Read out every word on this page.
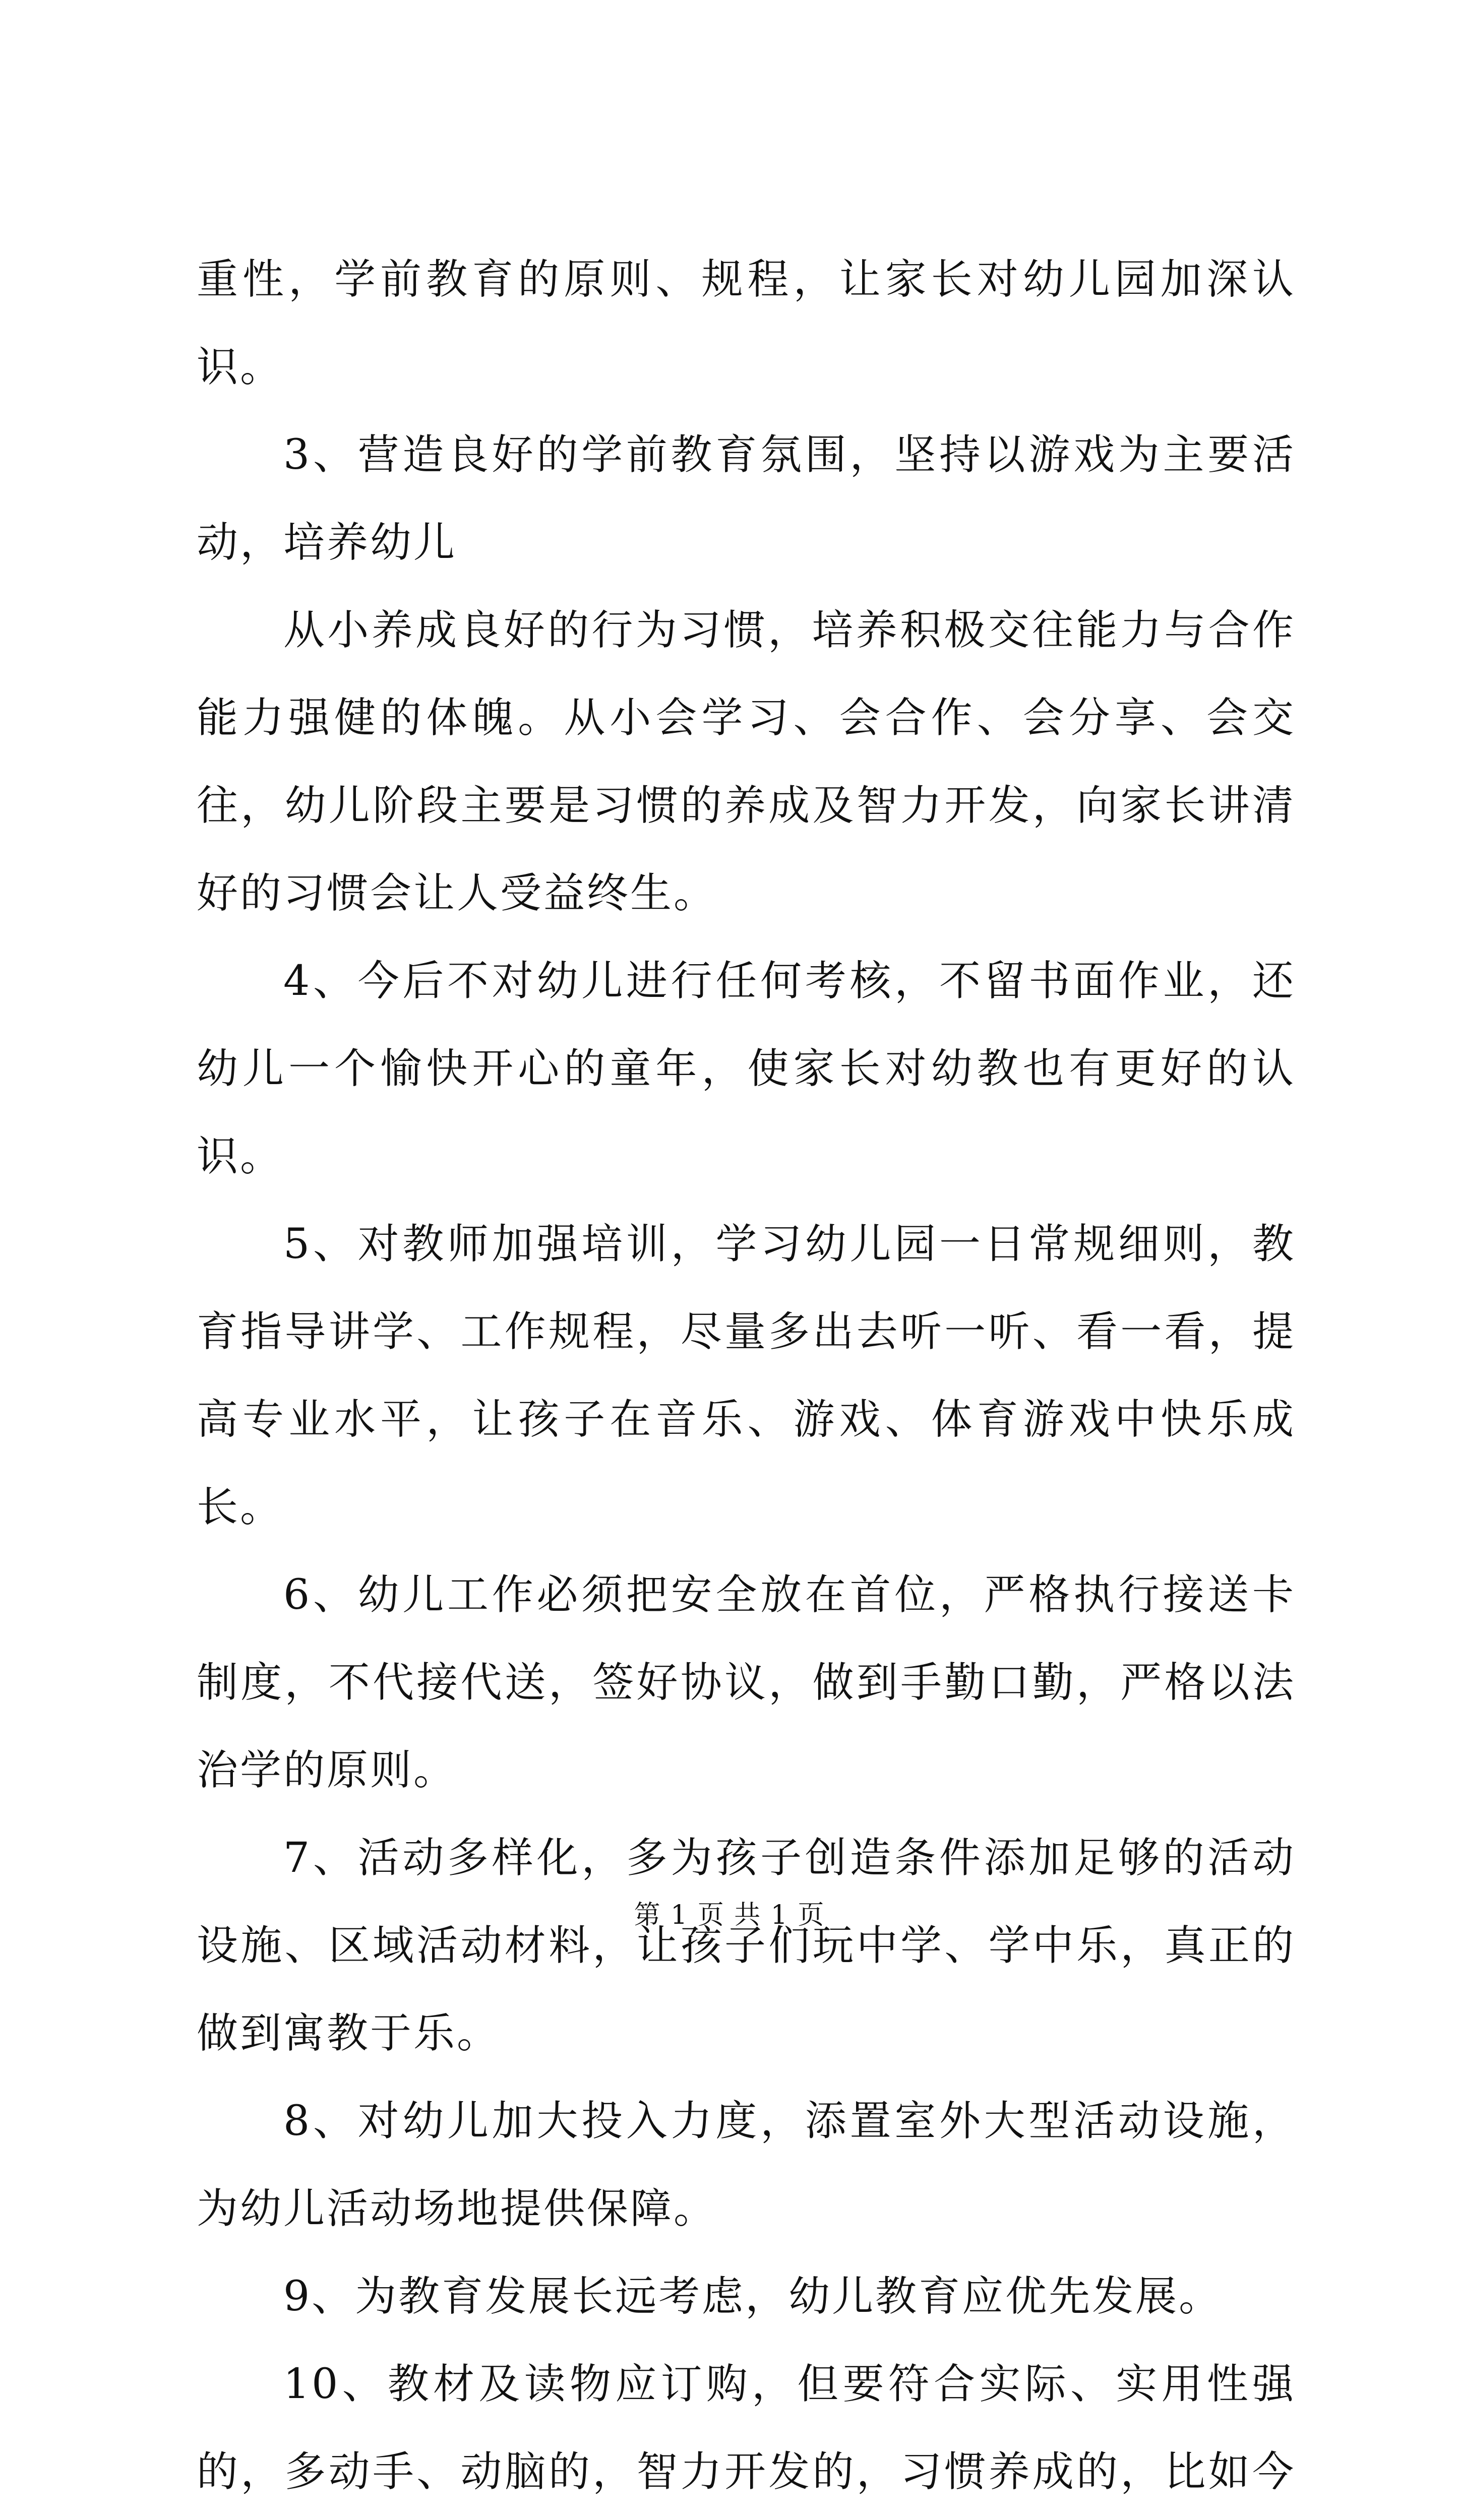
重性，学前教育的原则、规程，让家长对幼儿园加深认识。

3、营造良好的学前教育氛围，坚持以游戏为主要活动，培养幼儿

从小养成良好的行为习惯，培养积极交往能力与合作能力强健的体魄。从小会学习、会合作、会分享、会交往，幼儿阶段主要是习惯的养成及智力开发，向家长讲清好的习惯会让人受益终生。

4、今后不对幼儿进行任何考核，不留书面作业，还幼儿一个愉快开心的童年，使家长对幼教也有更好的认识。

5、对教师加强培训，学习幼儿园一日常规细则，教育指导讲学、工作规程，尽量多出去听一听、看一看，提高专业水平，让孩子在音乐、游戏、体育游戏中快乐成长。

6、幼儿工作必须把安全放在首位，严格执行接送卡制度，不代接代送，签好协议，做到手勤口勤，严格以法治学的原则。

7、活动多样化，多为孩子创造条件添加足够的活动设施、区域活动材料，让孩子们玩中学、学中乐，真正的做到寓教于乐。

8、对幼儿加大投入力度，添置室外大型活动设施，为幼儿活动场地提供保障。

9、为教育发展长远考虑，幼儿教育应优先发展。

10、教材及读物应订购，但要符合实际、实用性强的，多动手、动脑的，智力开发的，习惯养成的，比如今

第 1 页 共 1 页
